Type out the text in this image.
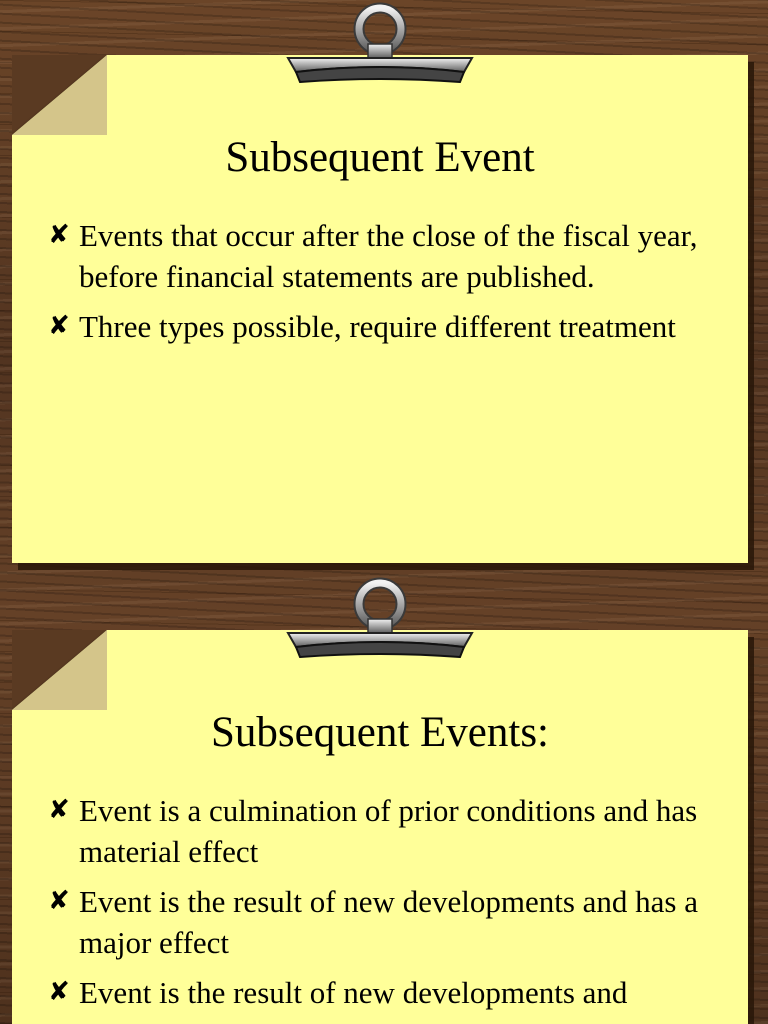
Subsequent Event
✘ Events that occur after the close of the fiscal year, before financial statements are published.
✘ Three types possible, require different treatment
Subsequent Events:
✘ Event is a culmination of prior conditions and has material effect
✘ Event is the result of new developments and has a major effect
✘ Event is the result of new developments and
